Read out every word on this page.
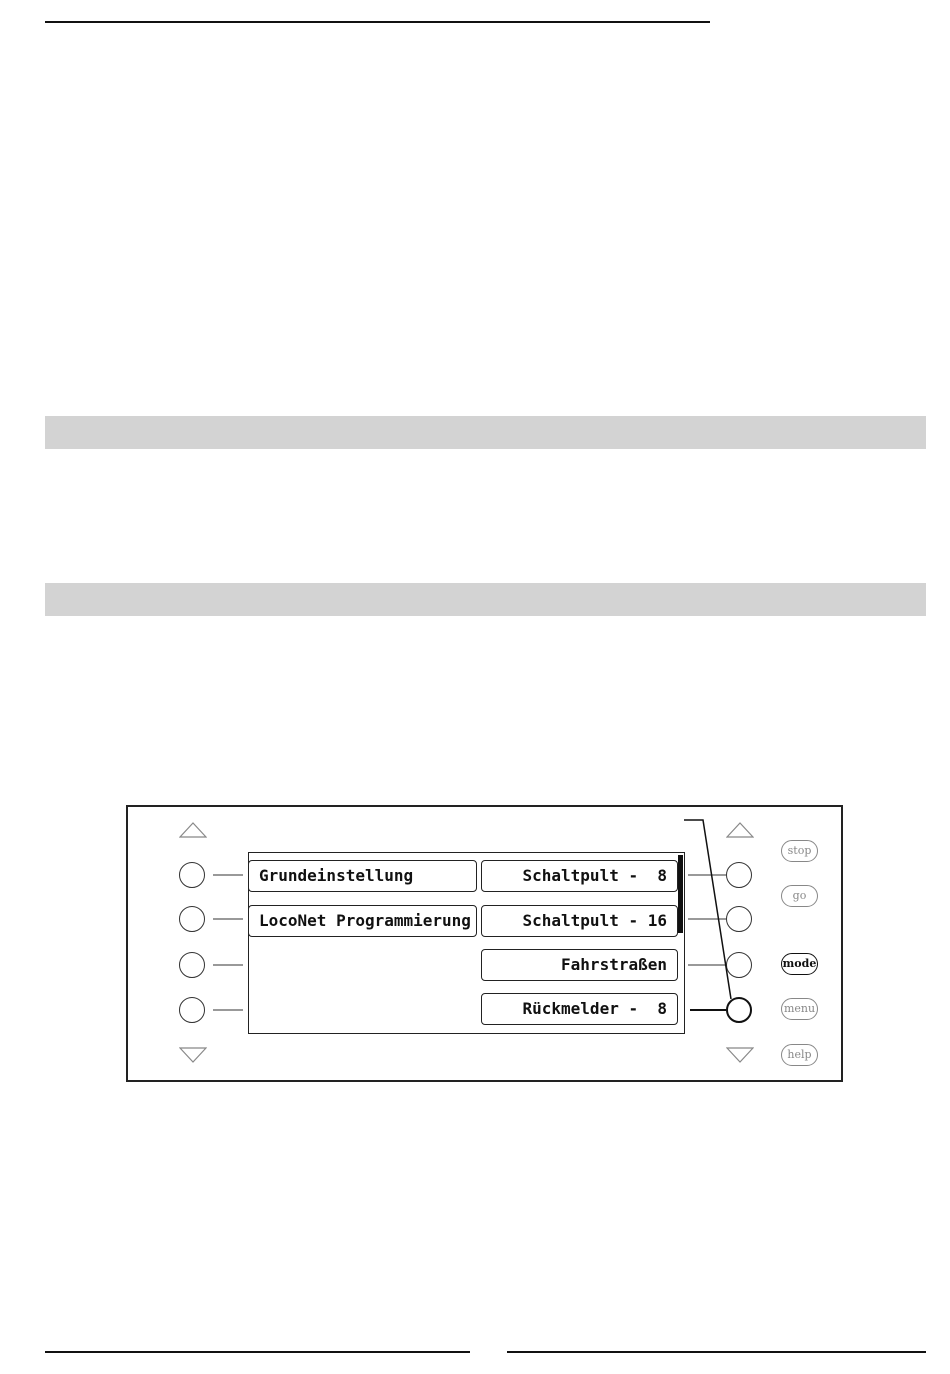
Grundeinstellung
LocoNet Programmierung
Schaltpult -  8
Schaltpult - 16
Fahrstraßen
Rückmelder -  8
stop
go
mode
menu
help
